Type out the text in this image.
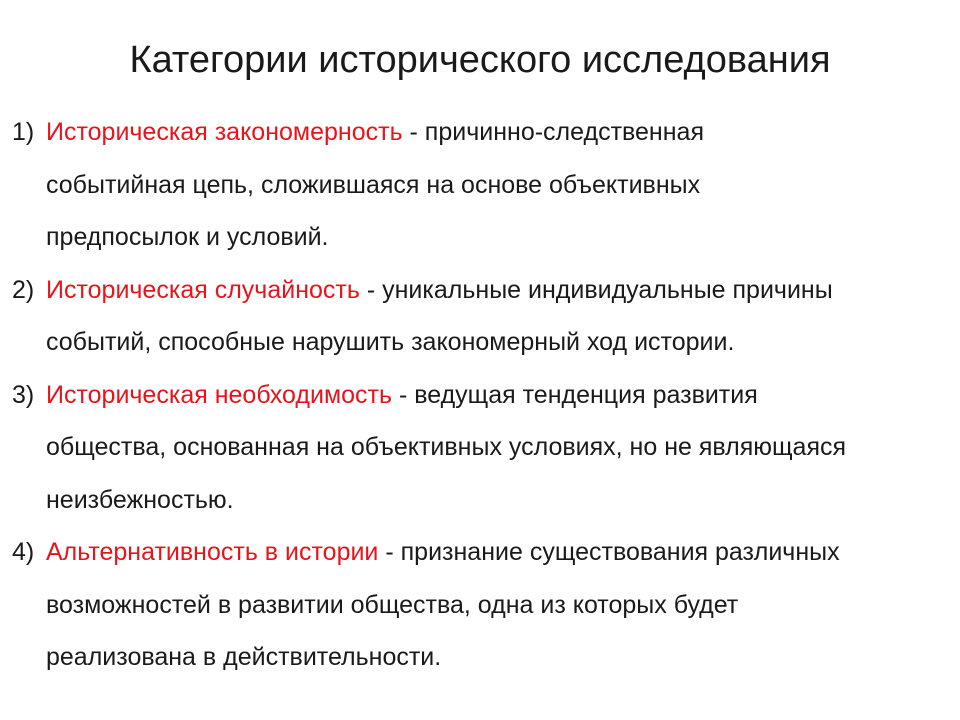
Категории исторического исследования
1) Историческая закономерность - причинно-следственная
событийная цепь, сложившаяся на основе объективных
предпосылок и условий.
2) Историческая случайность - уникальные индивидуальные причины
событий, способные нарушить закономерный ход истории.
3) Историческая необходимость - ведущая тенденция развития
общества, основанная на объективных условиях, но не являющаяся
неизбежностью.
4) Альтернативность в истории - признание существования различных
возможностей в развитии общества, одна из которых будет
реализована в действительности.
